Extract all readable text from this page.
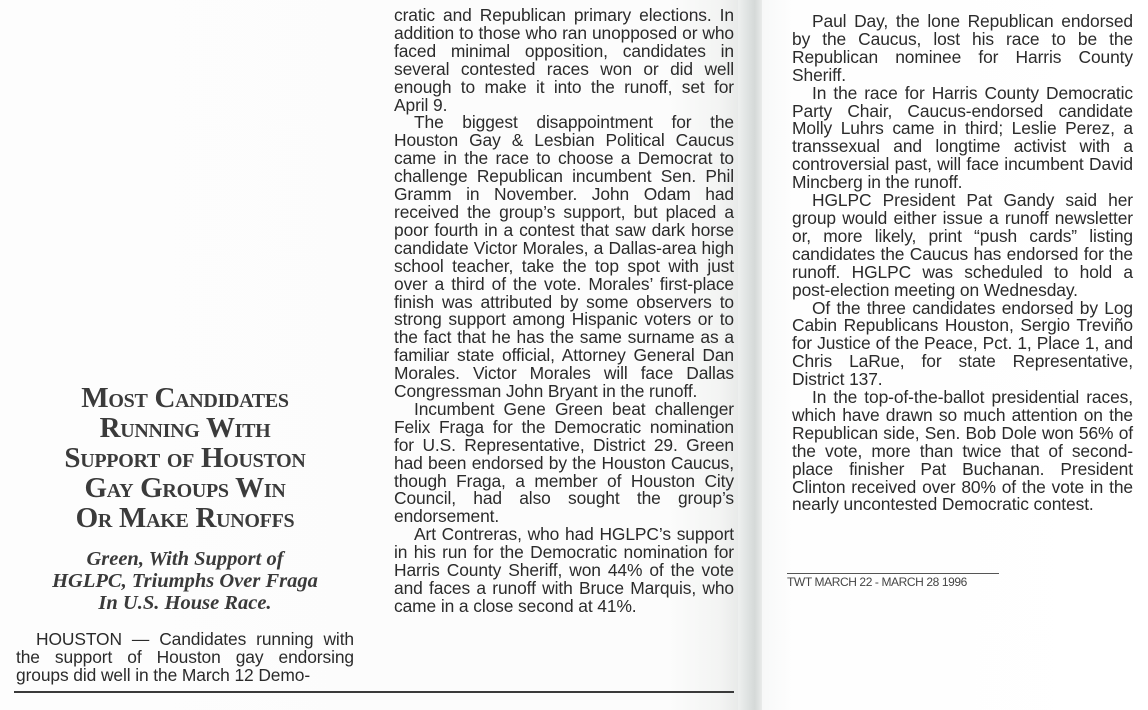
Most Candidates
Running With
Support of Houston
Gay Groups Win
Or Make Runoffs
Green, With Support of
HGLPC, Triumphs Over Fraga
In U.S. House Race.

HOUSTON — Candidates running with the support of Houston gay endorsing groups did well in the March 12 Demo-

cratic and Republican primary elections. In addition to those who ran unopposed or who faced minimal opposition, candidates in several contested races won or did well enough to make it into the runoff, set for April 9.

The biggest disappointment for the Houston Gay & Lesbian Political Caucus came in the race to choose a Democrat to challenge Republican incumbent Sen. Phil Gramm in November. John Odam had received the group’s support, but placed a poor fourth in a contest that saw dark horse candidate Victor Morales, a Dallas-area high school teacher, take the top spot with just over a third of the vote. Morales’ first-place finish was attributed by some observers to strong support among Hispanic voters or to the fact that he has the same surname as a familiar state official, Attorney General Dan Morales. Victor Morales will face Dallas Congressman John Bryant in the runoff.

Incumbent Gene Green beat challenger Felix Fraga for the Democratic nomination for U.S. Representative, District 29. Green had been endorsed by the Houston Caucus, though Fraga, a member of Houston City Council, had also sought the group’s endorsement.

Art Contreras, who had HGLPC’s support in his run for the Democratic nomination for Harris County Sheriff, won 44% of the vote and faces a runoff with Bruce Marquis, who came in a close second at 41%.

Paul Day, the lone Republican endorsed by the Caucus, lost his race to be the Republican nominee for Harris County Sheriff.

In the race for Harris County Democratic Party Chair, Caucus-endorsed candidate Molly Luhrs came in third; Leslie Perez, a transsexual and longtime activist with a controversial past, will face incumbent David Mincberg in the runoff.

HGLPC President Pat Gandy said her group would either issue a runoff newsletter or, more likely, print “push cards” listing candidates the Caucus has endorsed for the runoff. HGLPC was scheduled to hold a post-election meeting on Wednesday.

Of the three candidates endorsed by Log Cabin Republicans Houston, Sergio Treviño for Justice of the Peace, Pct. 1, Place 1, and Chris LaRue, for state Representative, District 137.

In the top-of-the-ballot presidential races, which have drawn so much attention on the Republican side, Sen. Bob Dole won 56% of the vote, more than twice that of second-place finisher Pat Buchanan. President Clinton received over 80% of the vote in the nearly uncontested Democratic contest.

TWT MARCH 22 - MARCH 28 1996
